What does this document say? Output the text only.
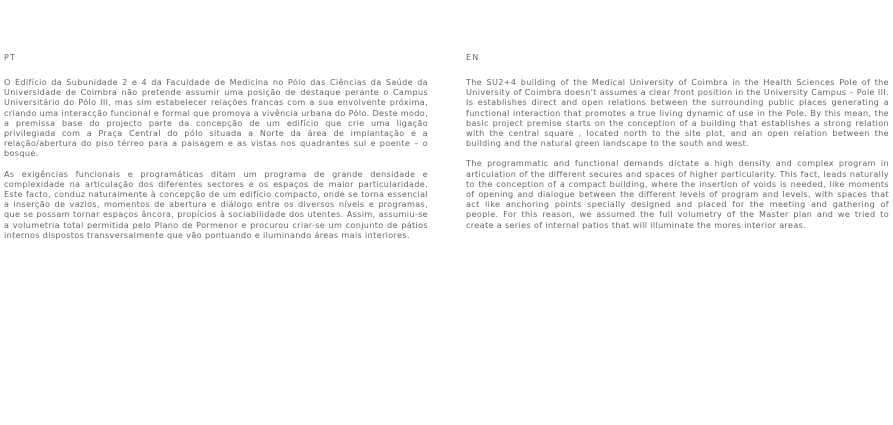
PT

O Edifício da Subunidade 2 e 4 da Faculdade de Medicina no Pólo das Ciências da Saúde da Universidade de Coimbra não pretende assumir uma posição de destaque perante o Campus Universitário do Pólo III, mas sim estabelecer relações francas com a sua envolvente próxima, criando uma interacção funcional e formal que promova a vivência urbana do Pólo. Deste modo, a premissa base do projecto parte da concepção de um edifício que crie uma ligação privilegiada com a Praça Central do pólo situada a Norte da área de implantação e a relação/abertura do piso térreo para a paisagem e as vistas nos quadrantes sul e poente – o bosque.

As exigências funcionais e programáticas ditam um programa de grande densidade e complexidade na articulação dos diferentes sectores e os espaços de maior particularidade. Este facto, conduz naturalmente à concepção de um edifício compacto, onde se torna essencial a inserção de vazios, momentos de abertura e diálogo entre os diversos níveis e programas, que se possam tornar espaços âncora, propícios à sociabilidade dos utentes. Assim, assumiu-se a volumetria total permitida pelo Plano de Pormenor e procurou criar-se um conjunto de pátios internos dispostos transversalmente que vão pontuando e iluminando áreas mais interiores.

EN

The SU2+4 building of the Medical University of Coimbra in the Health Sciences Pole of the University of Coimbra doesn't assumes a clear front position in the University Campus – Pole III. Is establishes direct and open relations between the surrounding public places generating a functional interaction that promotes a true living dynamic of use in the Pole. By this mean, the basic project premise starts on the conception of a building that establishes a strong relation with the central square , located north to the site plot, and an open relation between the building and the natural green landscape to the south and west.

The programmatic and functional demands dictate a high density and complex program in articulation of the different secures and spaces of higher particularity. This fact, leads naturally to the conception of a compact building, where the insertion of voids is needed, like moments of opening and dialogue between the different levels of program and levels, with spaces that act like anchoring points specially designed and placed for the meeting and gathering of people. For this reason, we assumed the full volumetry of the Master plan and we tried to create a series of internal patios that will illuminate the mores interior areas.
